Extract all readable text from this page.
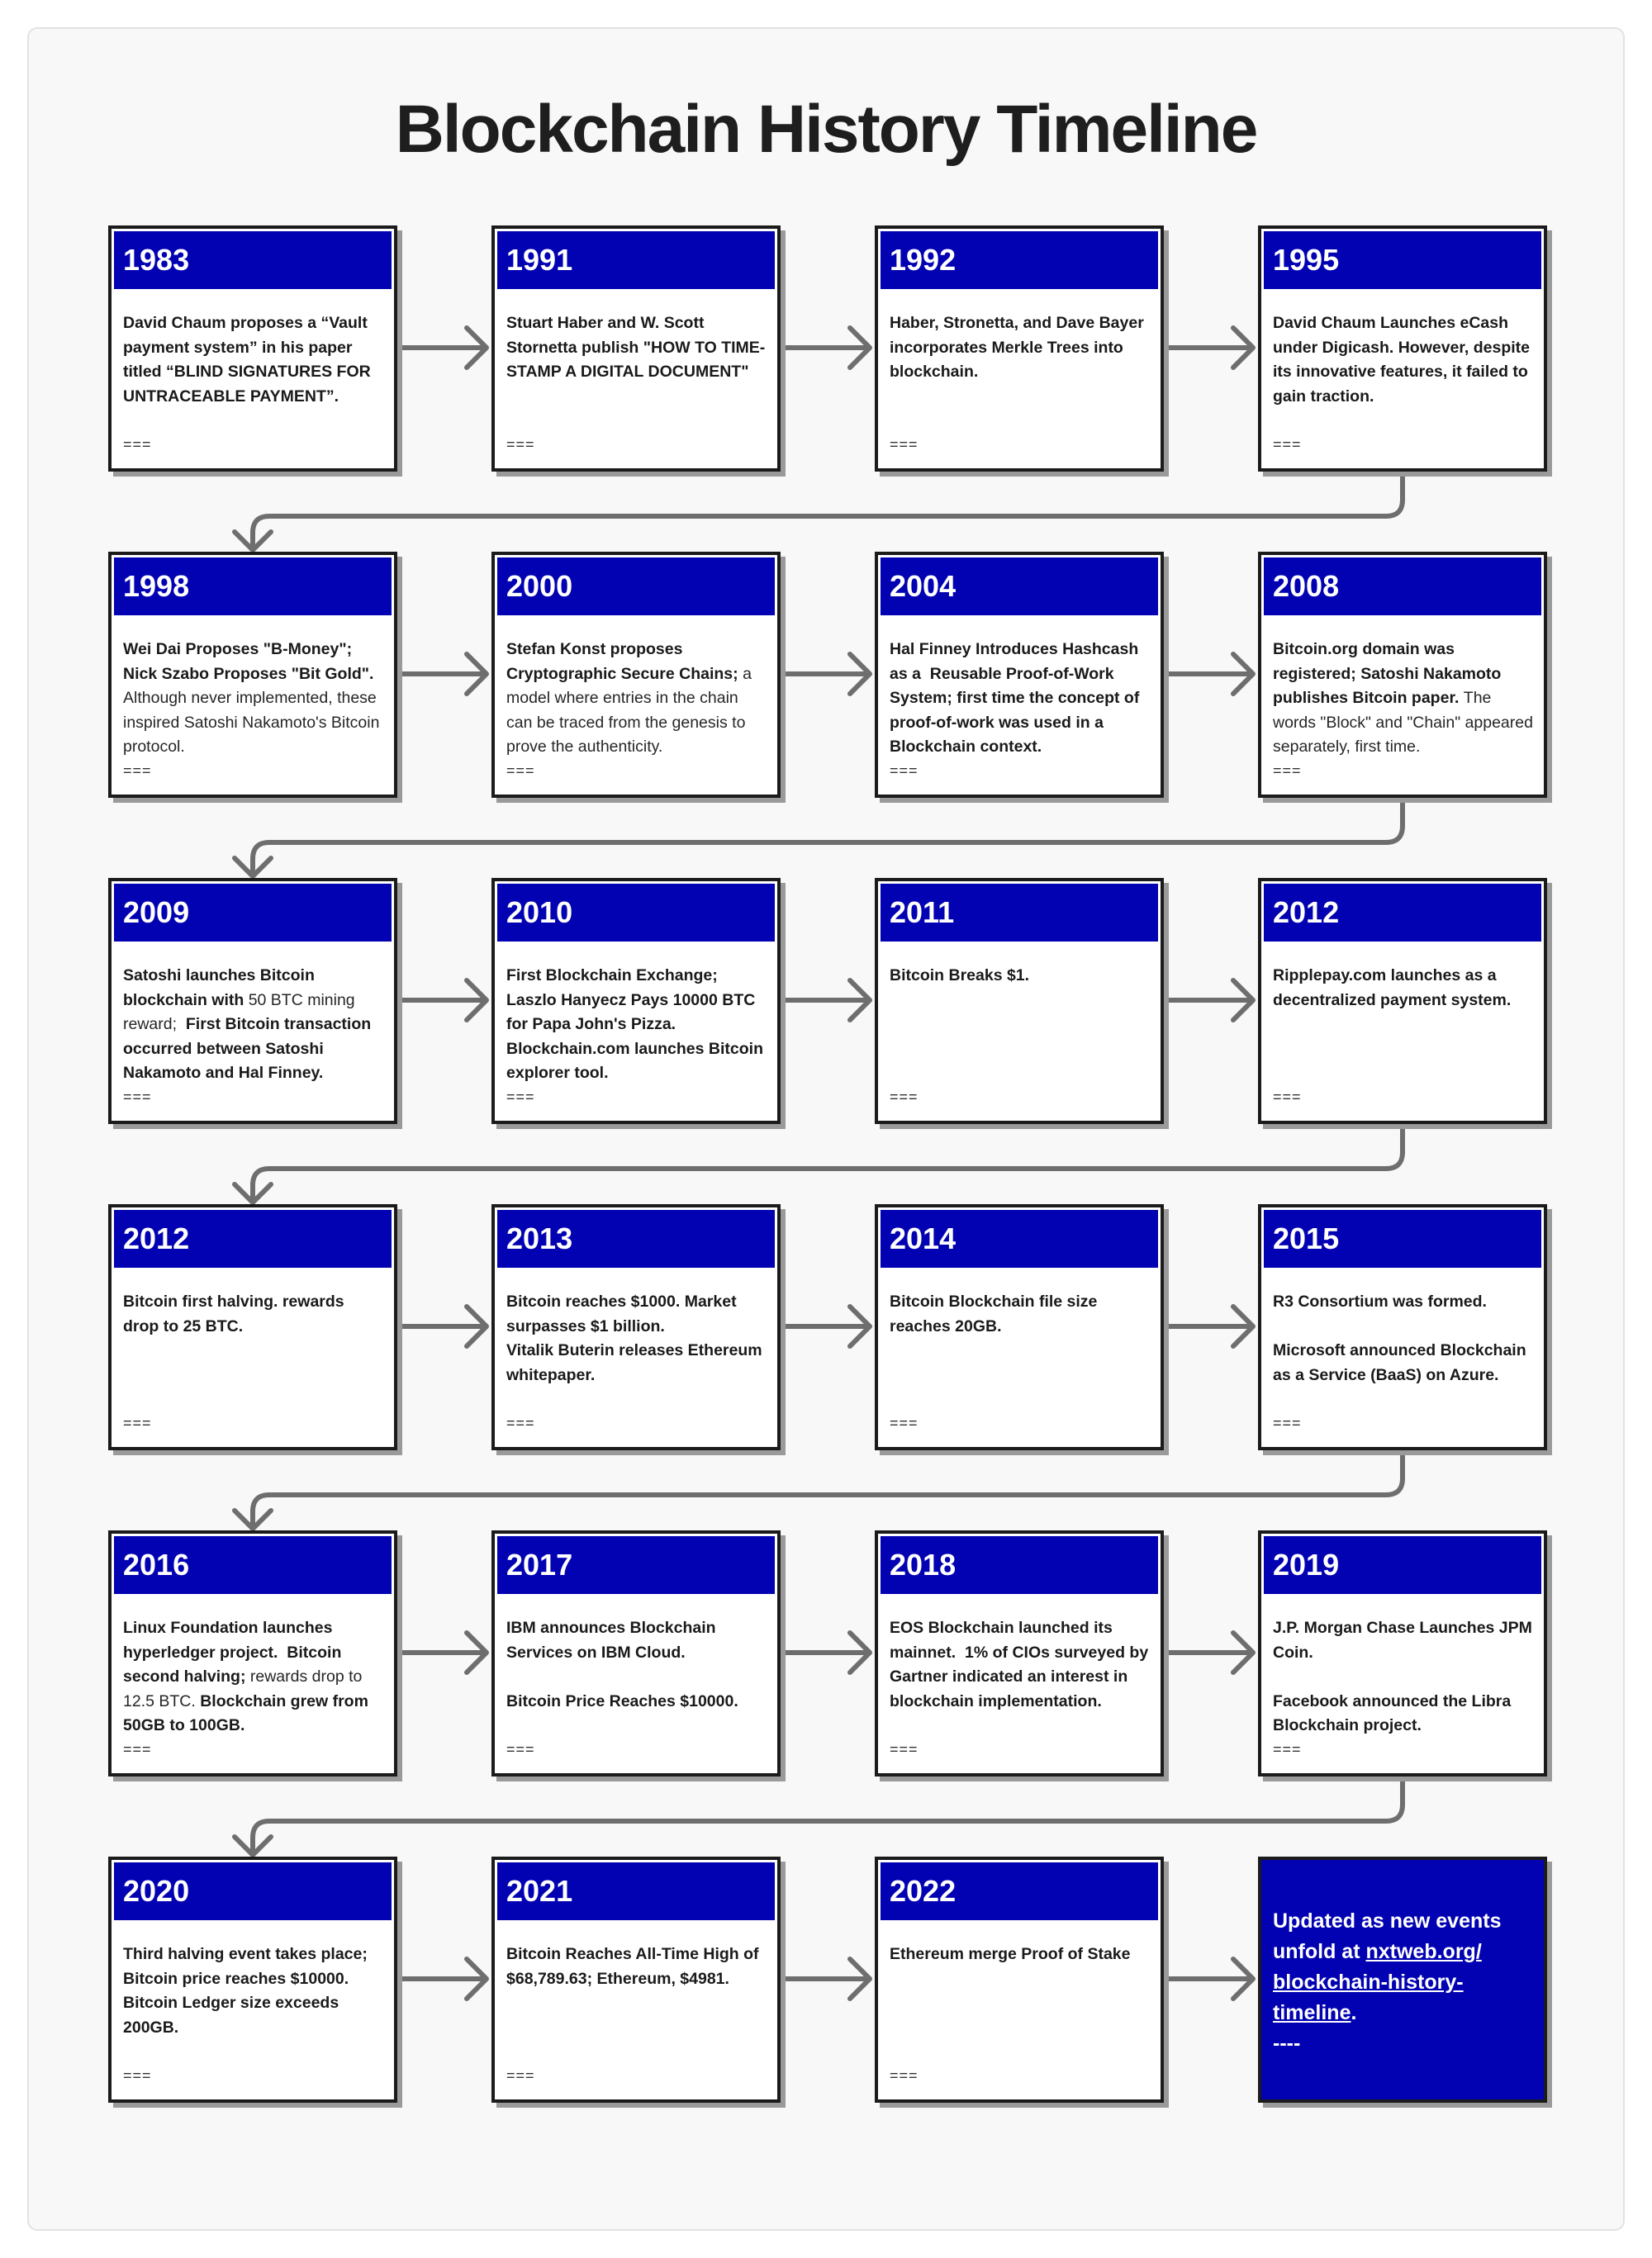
Blockchain History Timeline
1983
David Chaum proposes a “Vault payment system” in his paper titled “BLIND SIGNATURES FOR UNTRACEABLE PAYMENT”.
===
1991
Stuart Haber and W. Scott Stornetta publish "HOW TO TIME-STAMP A DIGITAL DOCUMENT"
===
1992
Haber, Stronetta, and Dave Bayer incorporates Merkle Trees into blockchain.
===
1995
David Chaum Launches eCash under Digicash. However, despite its innovative features, it failed to gain traction.
===
1998
Wei Dai Proposes "B-Money"; Nick Szabo Proposes "Bit Gold". Although never implemented, these inspired Satoshi Nakamoto's Bitcoin protocol.
===
2000
Stefan Konst proposes Cryptographic Secure Chains; a model where entries in the chain can be traced from the genesis to prove the authenticity.
===
2004
Hal Finney Introduces Hashcash as a  Reusable Proof-of-Work System; first time the concept of proof-of-work was used in a Blockchain context.
===
2008
Bitcoin.org domain was registered; Satoshi Nakamoto publishes Bitcoin paper. The words "Block" and "Chain" appeared separately, first time.
===
2009
Satoshi launches Bitcoin blockchain with 50 BTC mining reward;  First Bitcoin transaction occurred between Satoshi Nakamoto and Hal Finney.
===
2010
First Blockchain Exchange; Laszlo Hanyecz Pays 10000 BTC for Papa John's Pizza. Blockchain.com launches Bitcoin explorer tool.
===
2011
Bitcoin Breaks $1.
===
2012
Ripplepay.com launches as a decentralized payment system.
===
2012
Bitcoin first halving. rewards drop to 25 BTC.
===
2013
Bitcoin reaches $1000. Market surpasses $1 billion.
Vitalik Buterin releases Ethereum whitepaper.
===
2014
Bitcoin Blockchain file size reaches 20GB.
===
2015
R3 Consortium was formed.

Microsoft announced Blockchain as a Service (BaaS) on Azure.
===
2016
Linux Foundation launches hyperledger project.  Bitcoin second halving; rewards drop to 12.5 BTC. Blockchain grew from 50GB to 100GB.
===
2017
IBM announces Blockchain Services on IBM Cloud.

Bitcoin Price Reaches $10000.
===
2018
EOS Blockchain launched its mainnet.  1% of CIOs surveyed by Gartner indicated an interest in blockchain implementation.
===
2019
J.P. Morgan Chase Launches JPM Coin.

Facebook announced the Libra Blockchain project.
===
2020
Third halving event takes place; Bitcoin price reaches $10000. Bitcoin Ledger size exceeds 200GB.
===
2021
Bitcoin Reaches All-Time High of $68,789.63; Ethereum, $4981.
===
2022
Ethereum merge Proof of Stake
===
Updated as new events unfold at nxtweb.org/​blockchain-history-​timeline.
----
